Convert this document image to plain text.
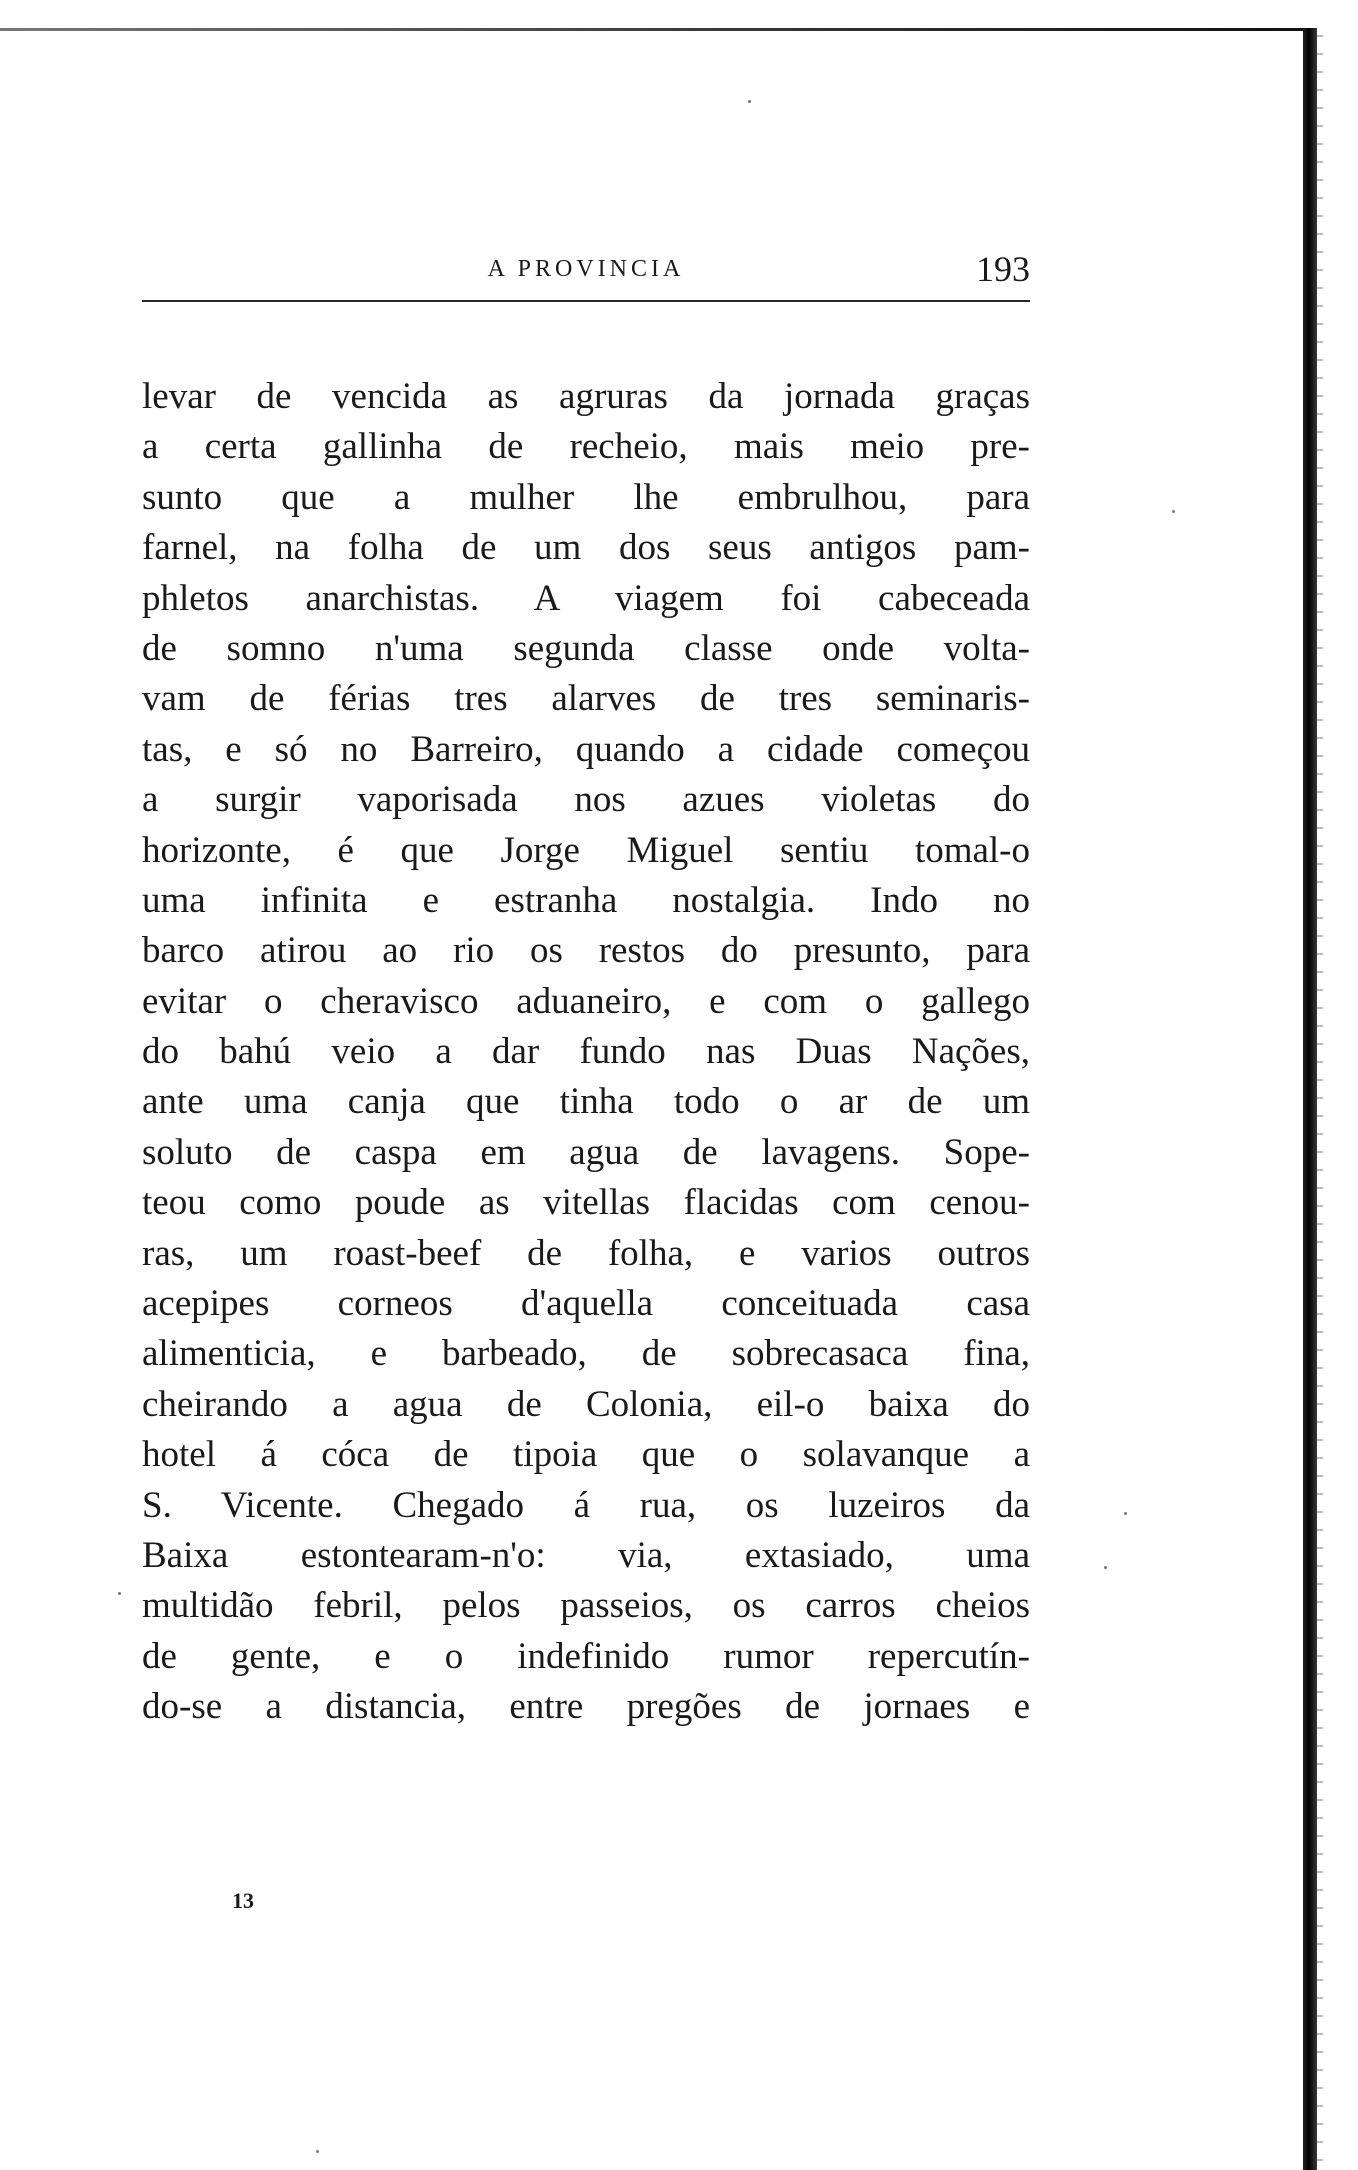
A PROVINCIA	193
levar de vencida as agruras da jornada graças
a certa gallinha de recheio, mais meio pre-
sunto que a mulher lhe embrulhou, para
farnel, na folha de um dos seus antigos pam-
phletos anarchistas. A viagem foi cabeceada
de somno n'uma segunda classe onde volta-
vam de férias tres alarves de tres seminaris-
tas, e só no Barreiro, quando a cidade começou
a surgir vaporisada nos azues violetas do
horizonte, é que Jorge Miguel sentiu tomal-o
uma infinita e estranha nostalgia. Indo no
barco atirou ao rio os restos do presunto, para
evitar o cheravisco aduaneiro, e com o gallego
do bahú veio a dar fundo nas Duas Nações,
ante uma canja que tinha todo o ar de um
soluto de caspa em agua de lavagens. Sope-
teou como poude as vitellas flacidas com cenou-
ras, um roast-beef de folha, e varios outros
acepipes corneos d'aquella conceituada casa
alimenticia, e barbeado, de sobrecasaca fina,
cheirando a agua de Colonia, eil-o baixa do
hotel á cóca de tipoia que o solavanque a
S. Vicente. Chegado á rua, os luzeiros da
Baixa estontearam-n'o: via, extasiado, uma
multidão febril, pelos passeios, os carros cheios
de gente, e o indefinido rumor repercutín-
do-se a distancia, entre pregões de jornaes e
13
